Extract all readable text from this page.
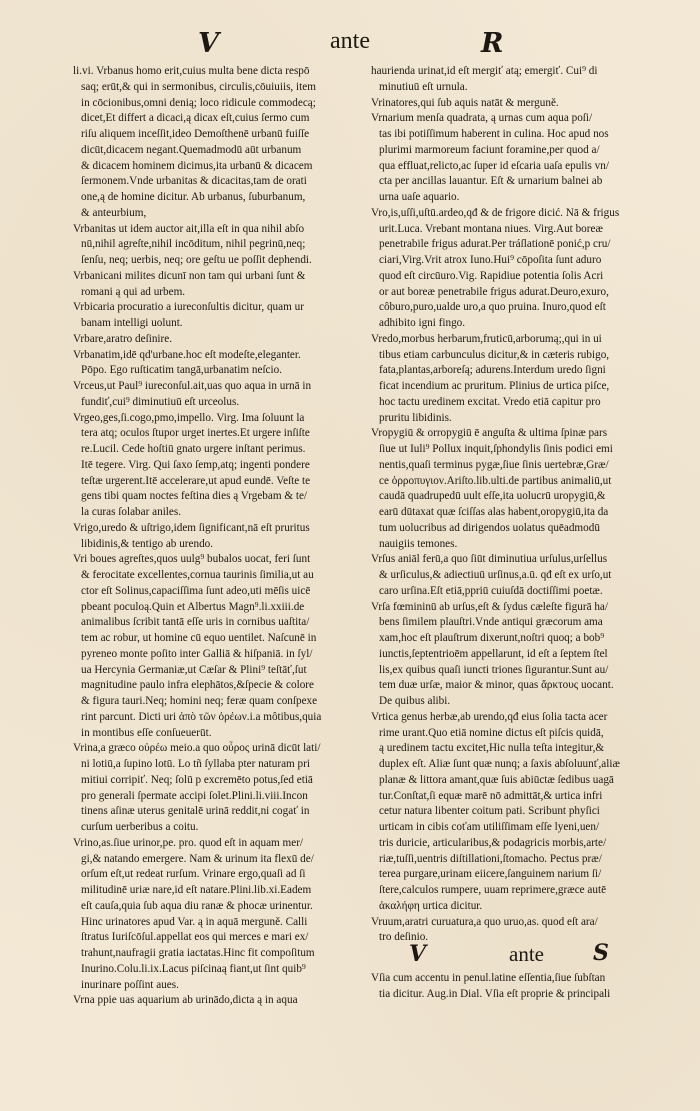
V	ante	R
li.vi. Vrbanus homo erit,cuius multa bene dicta respō
saq; erūt,& qui in sermonibus, circulis,cōuiuiis, item
in cōcionibus,omni denią; loco ridicule commodecą;
dicet,Et differt a dicaci,ą dicax eſt,cuius ſermo cum
riſu aliquem inceſſit,ideo Demoſthenē urbanū fuiſſe
dicūt,dicacem negant.Quemadmodū aūt urbanum
& dicacem hominem dicimus,ita urbanū & dicacem
ſermonem.Vnde urbanitas & dicacitas,tam de orati
one,ą de homine dicitur. Ab urbanus, ſuburbanum,
& anteurbium,
Vrbanitas ut idem auctor ait,illa eſt in qua nihil abſo
nū,nihil agreſte,nihil incōditum, nihil pegrinū,neq;
ſenſu, neq; uerbis, neq; ore geſtu ue poſſit dephendi.
Vrbanicani milites dicunī non tam qui urbani ſunt &
romani ą qui ad urbem.
Vrbicaria procuratio a iureconſultis dicitur, quam ur
banam intelligi uolunt.
Vrbare,aratro deſinire.
Vrbanatim,idē qd'urbane.hoc eſt modeſte,eleganter.
Pōpo. Ego ruſticatim tangā,urbanatim neſcio.
Vrceus,ut Paul⁹ iureconſul.ait,uas quo aqua in urnā in
fundiť,cui⁹ diminutiuū eſt urceolus.
Vrgeo,ges,ſi.cogo,pmo,impello. Virg. Ima ſoluunt la
tera atq; oculos ſtupor urget inertes.Et urgere inſiſte
re.Lucil. Cede hoſtiū gnato urgere inſtant perimus.
Itē tegere. Virg. Qui ſaxo ſemp,atq; ingenti pondere
teſtæ urgerent.Itē accelerare,ut apud eundē. Veſte te
gens tibi quam noctes feſtina dies ą Vrgebam & te/
la curas ſolabar aniles.
Vrigo,uredo & uſtrigo,idem ſignificant,nā eſt pruritus
libidinis,& tentigo ab urendo.
Vri boues agreſtes,quos uulg⁹ bubalos uocat, feri ſunt
& ferocitate excellentes,cornua taurinis ſimilia,ut au
ctor eſt Solinus,capaciſſima ſunt adeo,uti mēſis uicē
pbeant poculoą.Quin et Albertus Magn⁹.li.xxiii.de
animalibus ſcribit tantā eſſe uris in cornibus uaſtita/
tem ac robur, ut homine cū equo uentilet. Naſcunē in
pyreneo monte poſito inter Galliā & hiſpaniā. in ſyl/
ua Hercynia Germaniæ,ut Cæſar & Plini⁹ teſtāť,ſut
magnitudine paulo infra elephātos,&ſpecie & colore
& figura tauri.Neq; homini neq; feræ quam conſpexe
rint parcunt. Dicti uri ἀπὸ τῶν ὀρέων.i.a môtibus,quia
in montibus eſſe conſueuerūt.
Vrina,a græco οὐρέω meio.a quo οὖρος urinā dicūt lati/
ni lotiū,a ſupino lotū. Lo tñ ſyllaba pter naturam pri
mitiui corripiť. Neq; ſolū p excremēto potus,ſed etiā
pro generali ſpermate accipi ſolet.Plini.li.viii.Incon
tinens aſinæ uterus genitalē urinā reddit,ni cogať in
curſum uerberibus a coitu.
Vrino,as.ſiue urinor,pe. pro. quod eſt in aquam mer/
gi,& natando emergere. Nam & urinum ita flexū de/
orſum eſt,ut redeat rurſum. Vrinare ergo,quaſi ad ſi
militudinē uriæ nare,id eſt natare.Plini.lib.xi.Eadem
eſt cauſa,quia ſub aqua diu ranæ & phocæ urinentur.
Hinc urinatores apud Var. ą in aquā merguně. Calli
ſtratus Iuriſcōſul.appellat eos qui merces e mari ex/
trahunt,naufragii gratia iactatas.Hinc fit compoſitum
Inurino.Colu.li.ix.Lacus piſcinaą fiant,ut ſint quib⁹
inurinare poſſint aues.
Vrna ppie uas aquarium ab urinādo,dicta ą in aqua
haurienda urinat,id eſt mergiť atą; emergiť. Cui⁹ di
minutiuū eſt urnula.
Vrinatores,qui ſub aquis natāt & merguně.
Vrnarium menſa quadrata, ą urnas cum aqua poſi/
tas ibi potiſſimum haberent in culina. Hoc apud nos
plurimi marmoreum faciunt foramine,per quod a/
qua effluat,relicto,ac ſuper id eſcaria uaſa epulis vn/
cta per ancillas lauantur. Eſt & urnarium balnei ab
urna uaſe aquario.
Vro,is,uſſi,uſtū.ardeo,qđ & de frigore dicić. Nā & frigus
urit.Luca. Vrebant montana niues. Virg.Aut boreæ
penetrabile frigus adurat.Per tráſlationē ponić,p cru/
ciari,Virg.Vrit atrox Iuno.Hui⁹ cōpoſita ſunt aduro
quod eſt circūuro.Vig. Rapidiue potentia ſolis Acri
or aut boreæ penetrabile frigus adurat.Deuro,exuro,
côburo,puro,ualde uro,a quo pruina. Inuro,quod eſt
adhibito igni fingo.
Vredo,morbus herbarum,fruticū,arborumą;,qui in ui
tibus etiam carbunculus dicitur,& in cæteris rubigo,
fata,plantas,arboreſą; adurens.Interdum uredo ſigni
ficat incendium ac pruritum. Plinius de urtica piſce,
hoc tactu uredinem excitat. Vredo etiā capitur pro
pruritu libidinis.
Vropygiū & orropygiū ē anguſta & ultima ſpinæ pars
ſiue ut Iuli⁹ Pollux inquit,ſphondylis ſinis podici emi
nentis,quaſi terminus pygæ,ſiue ſinis uertebræ,Græ/
ce ὀρροπυγιον.Ariſto.lib.ulti.de partibus animaliū,ut
caudā quadrupedū uult eſſe,ita uolucrū uropygiū,&
earū dūtaxat quæ ſciſſas alas habent,oropygiū,ita da
tum uolucribus ad dirigendos uolatus quēadmodū
nauigiis temones.
Vrſus aniāl ferū,a quo ſiūt diminutiua urſulus,urſellus
& urſiculus,& adiectiuū urſinus,a.ū. qđ eſt ex urſo,ut
caro urſina.Eſt etiā,ppriū cuiuſdā doctiſſimi poetæ.
Vrſa fœmininū ab urſus,eſt & ſydus cæleſte figurā ha/
bens ſimilem plauſtri.Vnde antiqui græcorum ama
xam,hoc eſt plauſtrum dixerunt,noſtri quoq; a bob⁹
iunctis,ſeptentrioēm appellarunt, id eſt a ſeptem ſtel
lis,ex quibus quaſi iuncti triones ſigurantur.Sunt au/
tem duæ urſæ, maior & minor, quas ἄρκτους uocant.
De quibus alibi.
Vrtica genus herbæ,ab urendo,qđ eius ſolia tacta acer
rime urant.Quo etiā nomine dictus eſt piſcis quidā,
ą uredinem tactu excitet,Hic nulla teſta integitur,&
duplex eſt. Aliæ ſunt quæ nunq; a ſaxis abſoluunť,aliæ
planæ & littora amant,quæ ſuis abiūctæ ſedibus uagā
tur.Conſtat,ſi equæ marē nō admittāt,& urtica infri
cetur natura libenter coitum pati. Scribunt phyſici
urticam in cibis coťam utiliſſimam eſſe lyeni,uen/
tris duricie, articularibus,& podagricis morbis,arte/
riæ,tuſſi,uentris diſtillationi,ſtomacho. Pectus præ/
terea purgare,urinam eiicere,ſanguinem narium ſi/
ſtere,calculos rumpere, uuam reprimere,græce autē
ἀκαλήφη urtica dicitur.
Vruum,aratri curuatura,a quo uruo,as. quod eſt ara/
tro deſinio.
V	ante S
Vſia cum accentu in penul.latine eſſentia,ſiue ſubſtan
tia dicitur. Aug.in Dial. Vſia eſt proprie & principali
